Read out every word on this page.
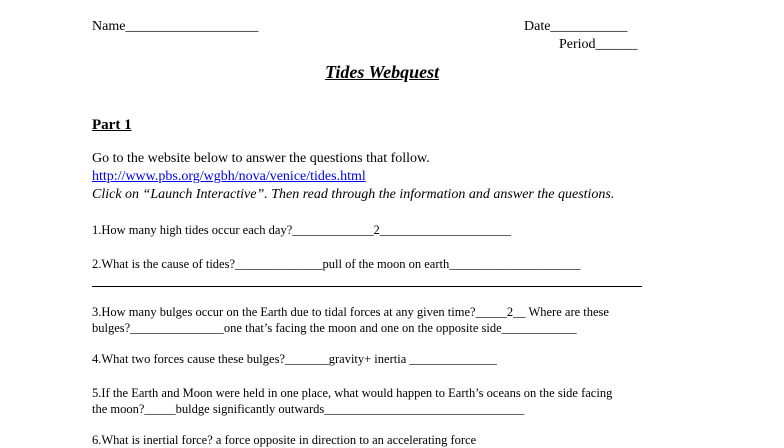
Name___________________	Date___________
Period______
Tides Webquest
Part 1
Go to the website below to answer the questions that follow.
http://www.pbs.org/wgbh/nova/venice/tides.html
Click on “Launch Interactive”. Then read through the information and answer the questions.
1.How many high tides occur each day?_____________2_____________________
2.What is the cause of tides?______________pull of the moon on earth_____________________
3.How many bulges occur on the Earth due to tidal forces at any given time?_____2__ Where are these
bulges?_______________one that’s facing the moon and one on the opposite side____________
4.What two forces cause these bulges?_______gravity+ inertia ______________
5.If the Earth and Moon were held in one place, what would happen to Earth’s oceans on the side facing
the moon?_____buldge significantly outwards________________________________
6.What is inertial force? a force opposite in direction to an accelerating force
